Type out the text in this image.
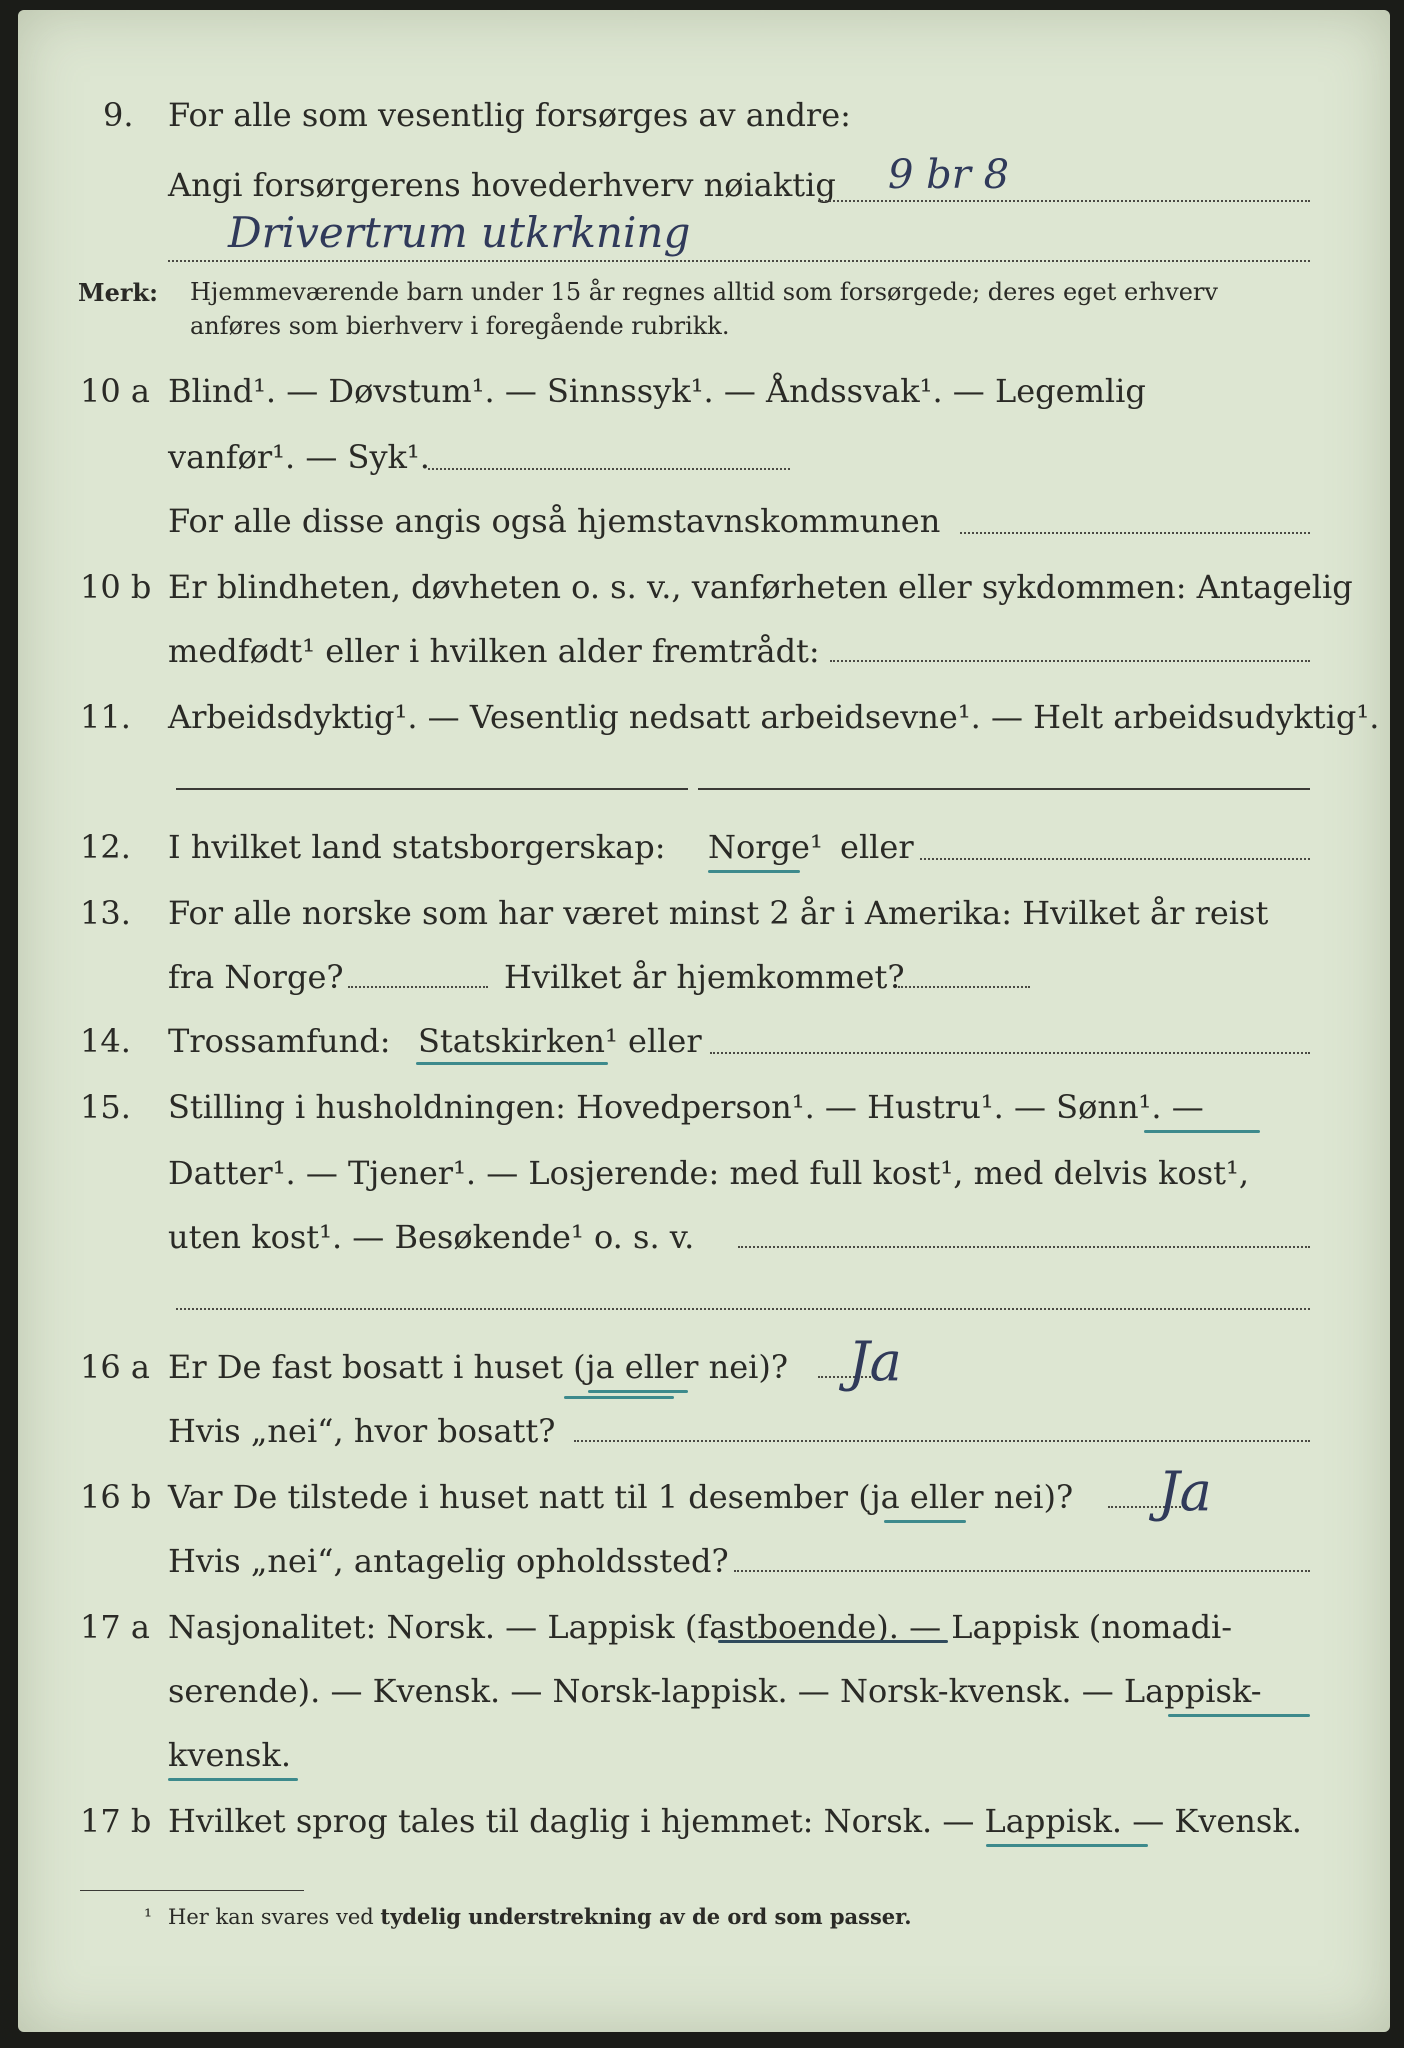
9. For alle som vesentlig forsørges av andre:
Angi forsørgerens hovederhverv nøiaktig 9 br 8
Drivertrum utkrkning
Merk: Hjemmeværende barn under 15 år regnes alltid som forsørgede; deres eget erhverv
anføres som bierhverv i foregående rubrikk.
10 a Blind¹. — Døvstum¹. — Sinnssyk¹. — Åndssvak¹. — Legemlig
vanfør¹. — Syk¹.
For alle disse angis også hjemstavnskommunen
10 b Er blindheten, døvheten o. s. v., vanførheten eller sykdommen: Antagelig
medfødt¹ eller i hvilken alder fremtrådt:
11. Arbeidsdyktig¹. — Vesentlig nedsatt arbeidsevne¹. — Helt arbeidsudyktig¹.
12. I hvilket land statsborgerskap: Norge¹ eller
13. For alle norske som har været minst 2 år i Amerika: Hvilket år reist
fra Norge?	Hvilket år hjemkommet?
14. Trossamfund: Statskirken¹ eller
15. Stilling i husholdningen: Hovedperson¹. — Hustru¹. — Sønn¹. —
Datter¹. — Tjener¹. — Losjerende: med full kost¹, med delvis kost¹,
uten kost¹. — Besøkende¹ o. s. v.
16 a Er De fast bosatt i huset (ja eller nei)? Ja
Hvis „nei“, hvor bosatt?
16 b Var De tilstede i huset natt til 1 desember (ja eller nei)? Ja
Hvis „nei“, antagelig opholdssted?
17 a Nasjonalitet: Norsk. — Lappisk (fastboende). — Lappisk (nomadi-
serende). — Kvensk. — Norsk-lappisk. — Norsk-kvensk. — Lappisk-
kvensk.
17 b Hvilket sprog tales til daglig i hjemmet: Norsk. — Lappisk. — Kvensk.
¹ Her kan svares ved tydelig understrekning av de ord som passer.
